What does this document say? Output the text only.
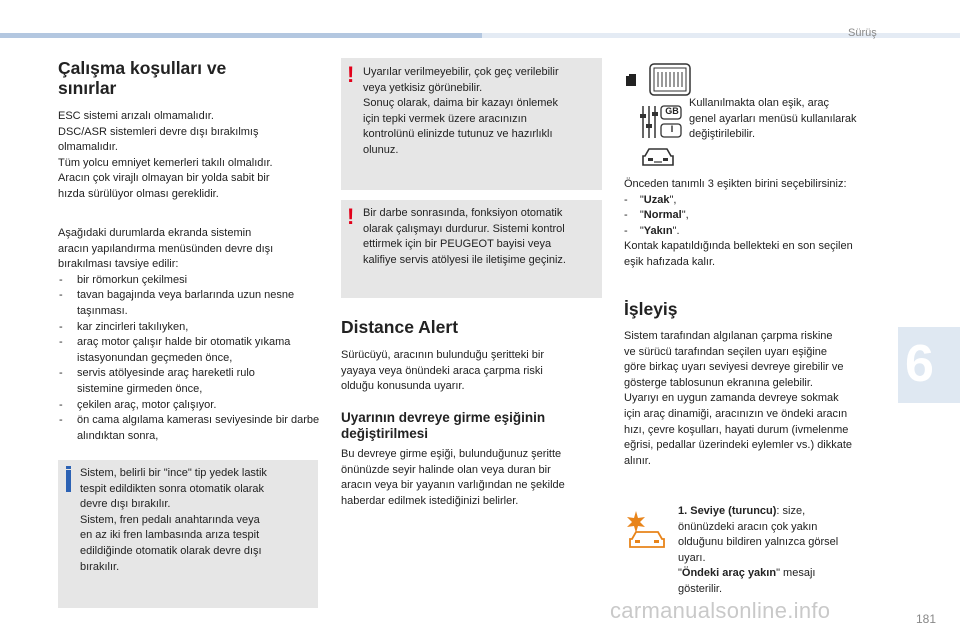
Sürüş
6
Çalışma koşulları ve
sınırlar

ESC sistemi arızalı olmamalıdır.

DSC/ASR sistemleri devre dışı bırakılmış

olmamalıdır.

Tüm yolcu emniyet kemerleri takılı olmalıdır.

Aracın çok virajlı olmayan bir yolda sabit bir

hızda sürülüyor olması gereklidir.

Aşağıdaki durumlarda ekranda sistemin

aracın yapılandırma menüsünden devre dışı

bırakılması tavsiye edilir:

- bir römorkun çekilmesi
- tavan bagajında veya barlarında uzun nesne taşınması.
- kar zincirleri takılıyken,
- araç motor çalışır halde bir otomatik yıkama istasyonundan geçmeden önce,
- servis atölyesinde araç hareketli rulo sistemine girmeden önce,
- çekilen araç, motor çalışıyor.
- ön cama algılama kamerası seviyesinde bir darbe alındıktan sonra,

Sistem, belirli bir "ince" tip yedek lastik

tespit edildikten sonra otomatik olarak

devre dışı bırakılır.

Sistem, fren pedalı anahtarında veya

en az iki fren lambasında arıza tespit

edildiğinde otomatik olarak devre dışı

bırakılır.

! Uyarılar verilmeyebilir, çok geç verilebilir

veya yetkisiz görünebilir.

Sonuç olarak, daima bir kazayı önlemek

için tepki vermek üzere aracınızın

kontrolünü elinizde tutunuz ve hazırlıklı

olunuz.

! Bir darbe sonrasında, fonksiyon otomatik

olarak çalışmayı durdurur. Sistemi kontrol

ettirmek için bir PEUGEOT bayisi veya

kalifiye servis atölyesi ile iletişime geçiniz.

Distance Alert

Sürücüyü, aracının bulunduğu şeritteki bir

yayaya veya önündeki araca çarpma riski

olduğu konusunda uyarır.

Uyarının devreye girme eşiğinin
değiştirilmesi

Bu devreye girme eşiği, bulunduğunuz şeritte

önünüzde seyir halinde olan veya duran bir

aracın veya bir yayanın varlığından ne şekilde

haberdar edilmek istediğinizi belirler.

GB
I

Kullanılmakta olan eşik, araç

genel ayarları menüsü kullanılarak

değiştirilebilir.

Önceden tanımlı 3 eşikten birini seçebilirsiniz:

-    "Uzak",

-    "Normal",

-    "Yakın".

Kontak kapatıldığında bellekteki en son seçilen

eşik hafızada kalır.

İşleyiş

Sistem tarafından algılanan çarpma riskine

ve sürücü tarafından seçilen uyarı eşiğine

göre birkaç uyarı seviyesi devreye girebilir ve

gösterge tablosunun ekranına gelebilir.

Uyarıyı en uygun zamanda devreye sokmak

için araç dinamiği, aracınızın ve öndeki aracın

hızı, çevre koşulları, hayati durum (ivmelenme

eğrisi, pedallar üzerindeki eylemler vs.) dikkate

alınır.

1. Seviye (turuncu): size,

önünüzdeki aracın çok yakın

olduğunu bildiren yalnızca görsel

uyarı.

"Öndeki araç yakın" mesajı

gösterilir.

carmanualsonline.info	181
